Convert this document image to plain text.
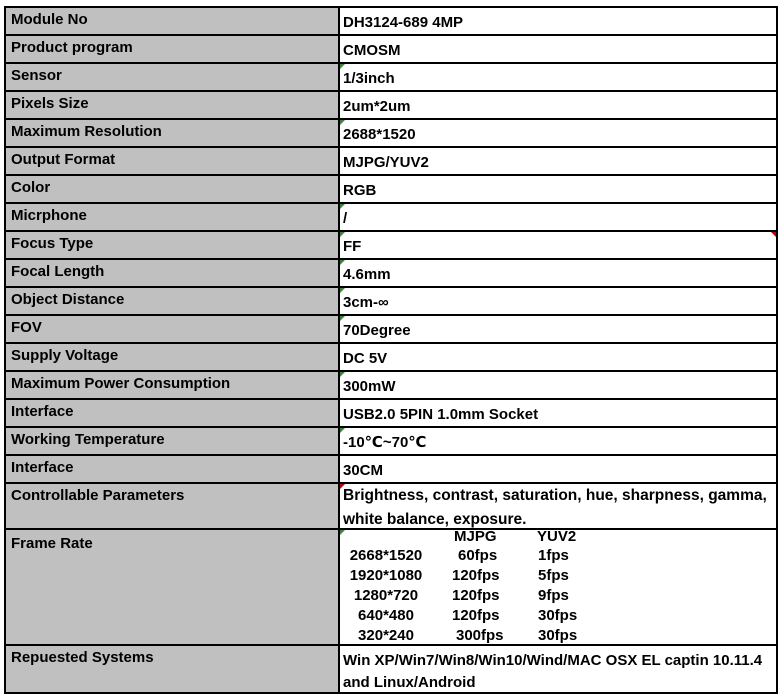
Module No	DH3124-689 4MP
Product program	CMOSM
Sensor	1/3inch
Pixels Size	2um*2um
Maximum Resolution	2688*1520
Output Format	MJPG/YUV2
Color	RGB
Micrphone	/
Focus Type	FF
Focal Length	4.6mm
Object Distance	3cm-∞
FOV	70Degree
Supply Voltage	DC 5V
Maximum Power Consumption	300mW
Interface	USB2.0 5PIN 1.0mm Socket
Working Temperature	-10℃~70℃
Interface	30CM
Controllable Parameters	Brightness, contrast, saturation, hue, sharpness, gamma, white balance, exposure.
Frame Rate	MJPG	YUV2
2668*1520	60fps	1fps
1920*1080	120fps	5fps
1280*720	120fps	9fps
640*480	120fps	30fps
320*240	300fps 30fps
Repuested Systems	Win XP/Win7/Win8/Win10/Wind/MAC OSX EL captin 10.11.4 and Linux/Android
